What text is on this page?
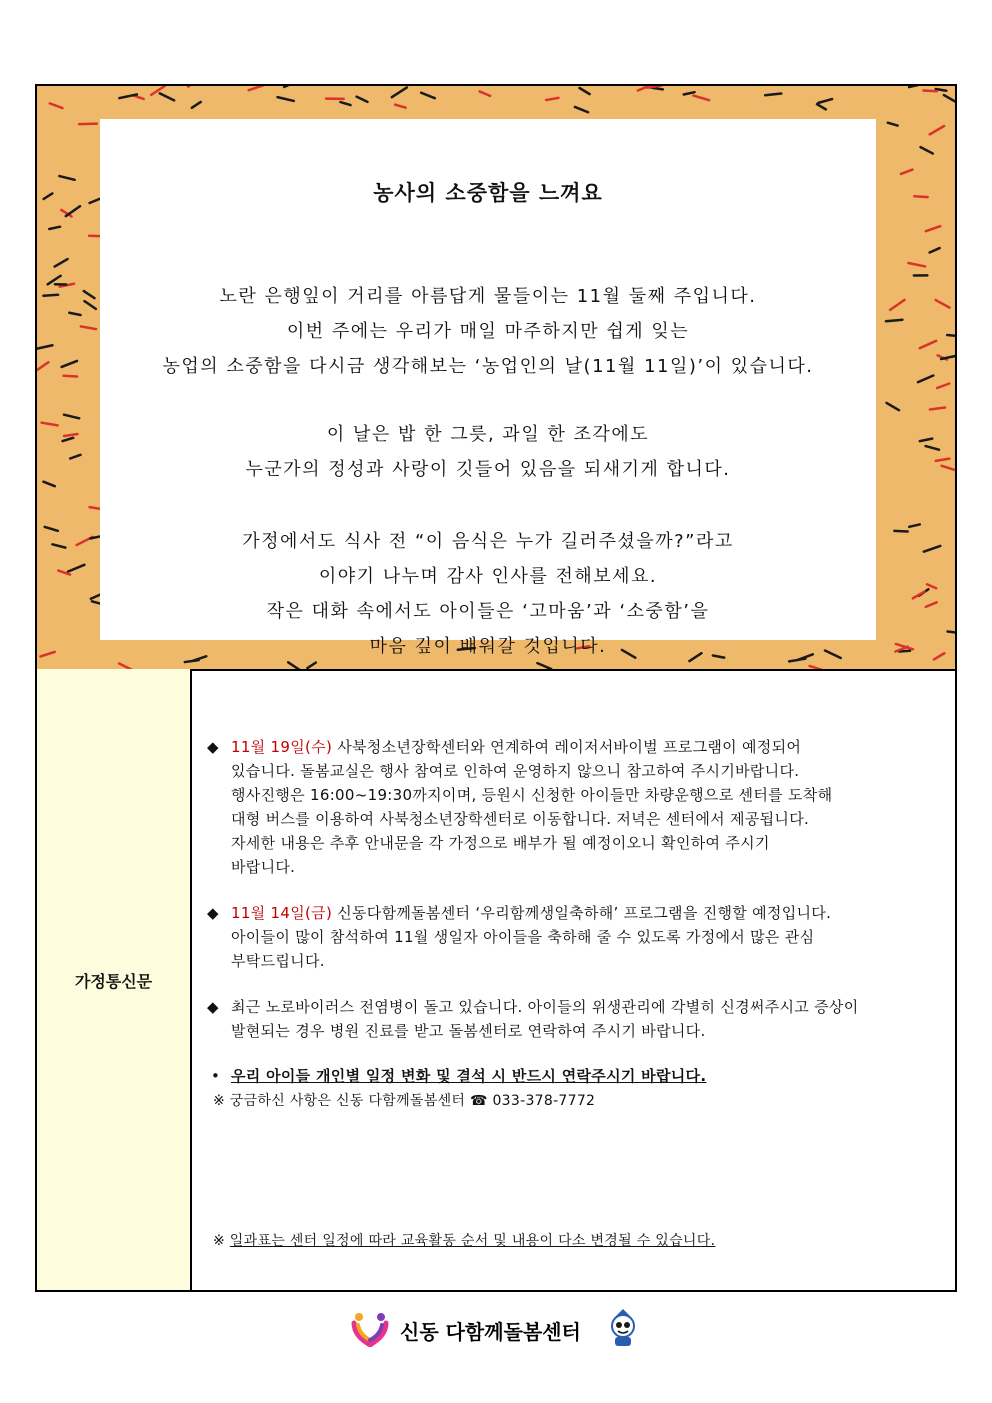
농사의 소중함을 느껴요
노란 은행잎이 거리를 아름답게 물들이는 11월 둘째 주입니다.
이번 주에는 우리가 매일 마주하지만 쉽게 잊는
농업의 소중함을 다시금 생각해보는 ‘농업인의 날(11월 11일)’이 있습니다.
이 날은 밥 한 그릇, 과일 한 조각에도
누군가의 정성과 사랑이 깃들어 있음을 되새기게 합니다.
가정에서도 식사 전 “이 음식은 누가 길러주셨을까?”라고
이야기 나누며 감사 인사를 전해보세요.
작은 대화 속에서도 아이들은 ‘고마움’과 ‘소중함’을
마음 깊이 배워갈 것입니다.
가정통신문
◆ 11월 19일(수) 사북청소년장학센터와 연계하여 레이저서바이벌 프로그램이 예정되어
있습니다. 돌봄교실은 행사 참여로 인하여 운영하지 않으니 참고하여 주시기바랍니다.
행사진행은 16:00~19:30까지이며, 등원시 신청한 아이들만 차량운행으로 센터를 도착해
대형 버스를 이용하여 사북청소년장학센터로 이동합니다. 저녁은 센터에서 제공됩니다.
자세한 내용은 추후 안내문을 각 가정으로 배부가 될 예정이오니 확인하여 주시기
바랍니다.
◆ 11월 14일(금) 신동다함께돌봄센터 ‘우리함께생일축하해’ 프로그램을 진행할 예정입니다.
아이들이 많이 참석하여 11월 생일자 아이들을 축하해 줄 수 있도록 가정에서 많은 관심
부탁드립니다.
◆ 최근 노로바이러스 전염병이 돌고 있습니다. 아이들의 위생관리에 각별히 신경써주시고 증상이
발현되는 경우 병원 진료를 받고 돌봄센터로 연락하여 주시기 바랍니다.
• 우리 아이들 개인별 일정 변화 및 결석 시 반드시 연락주시기 바랍니다.
※ 궁금하신 사항은 신동 다함께돌봄센터 ☎ 033-378-7772
※ 일과표는 센터 일정에 따라 교육활동 순서 및 내용이 다소 변경될 수 있습니다.
신동 다함께돌봄센터
